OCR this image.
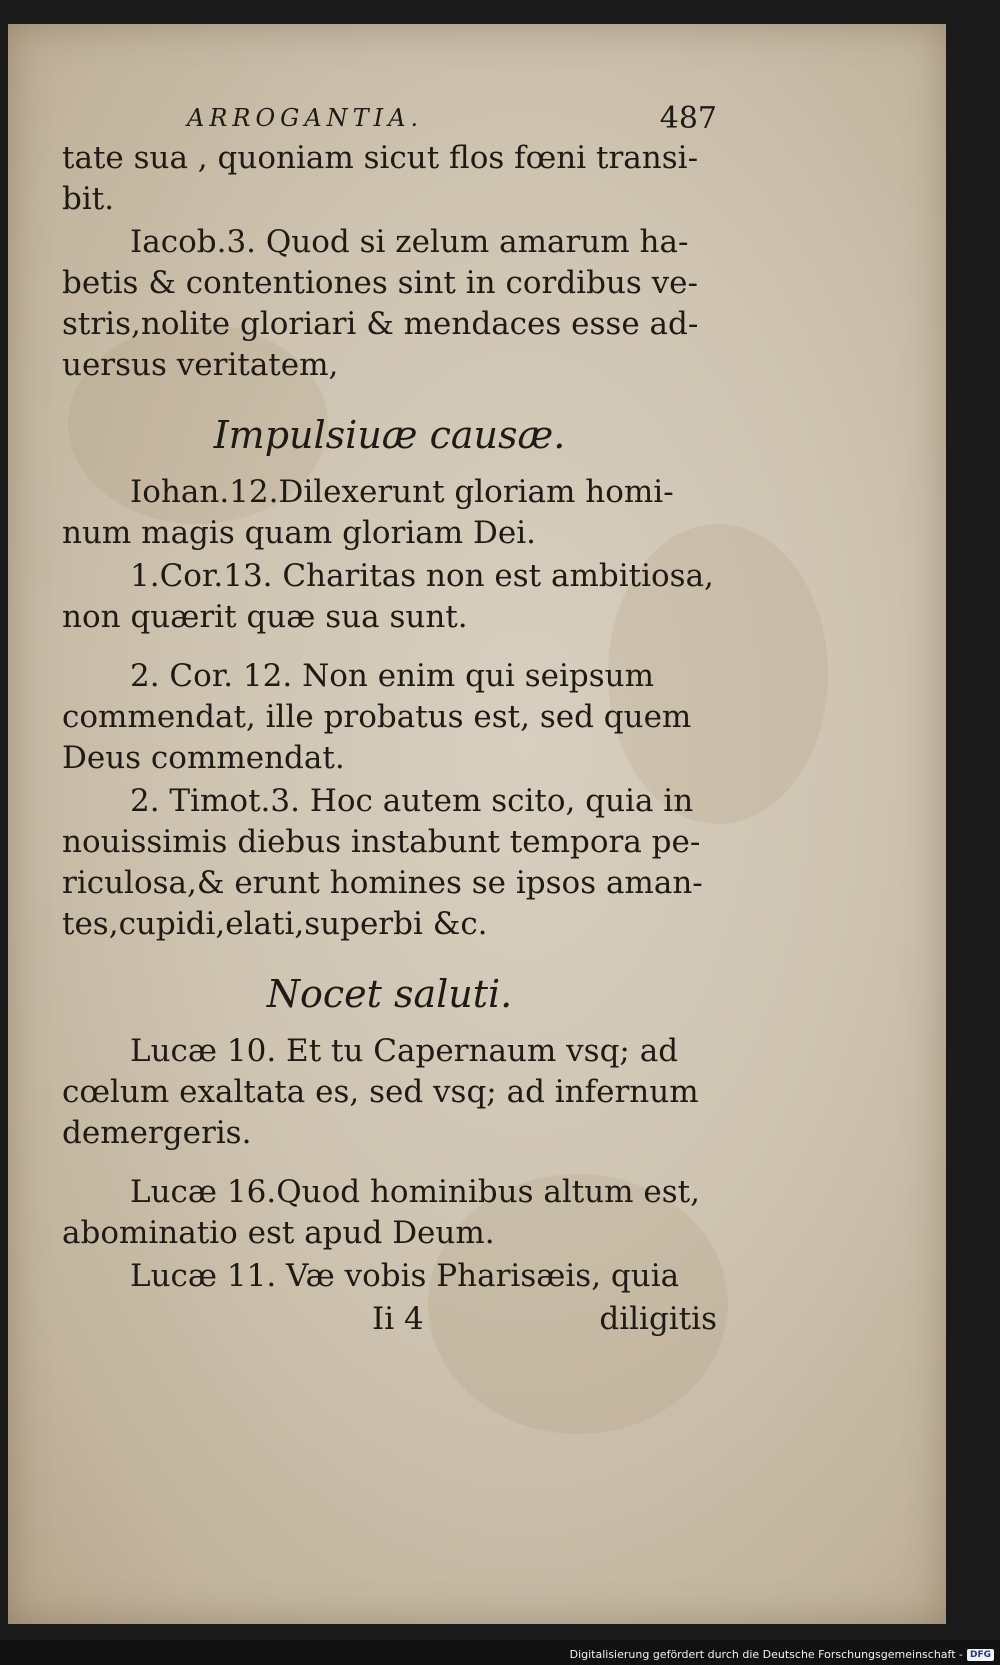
ARROGANTIA.	487
tate sua , quoniam sicut flos fœni transi-
bit.
Iacob.3. Quod si zelum amarum ha-
betis & contentiones sint in cordibus ve-
stris,nolite gloriari & mendaces esse ad-
uersus veritatem,
Impulsiuæ causæ.
Iohan.12.Dilexerunt gloriam homi-
num magis quam gloriam Dei.
1.Cor.13. Charitas non est ambitiosa,
non quærit quæ sua sunt.
2. Cor. 12. Non enim qui seipsum
commendat, ille probatus est, sed quem
Deus commendat.
2. Timot.3. Hoc autem scito, quia in
nouissimis diebus instabunt tempora pe-
riculosa,& erunt homines se ipsos aman-
tes,cupidi,elati,superbi &c.
Nocet saluti.
Lucæ 10. Et tu Capernaum vsq; ad
cœlum exaltata es, sed vsq; ad infernum
demergeris.
Lucæ 16.Quod hominibus altum est,
abominatio est apud Deum.
Lucæ 11. Væ vobis Pharisæis, quia
Ii 4	diligitis
Digitalisierung gefördert durch die Deutsche Forschungsgemeinschaft - DFG
